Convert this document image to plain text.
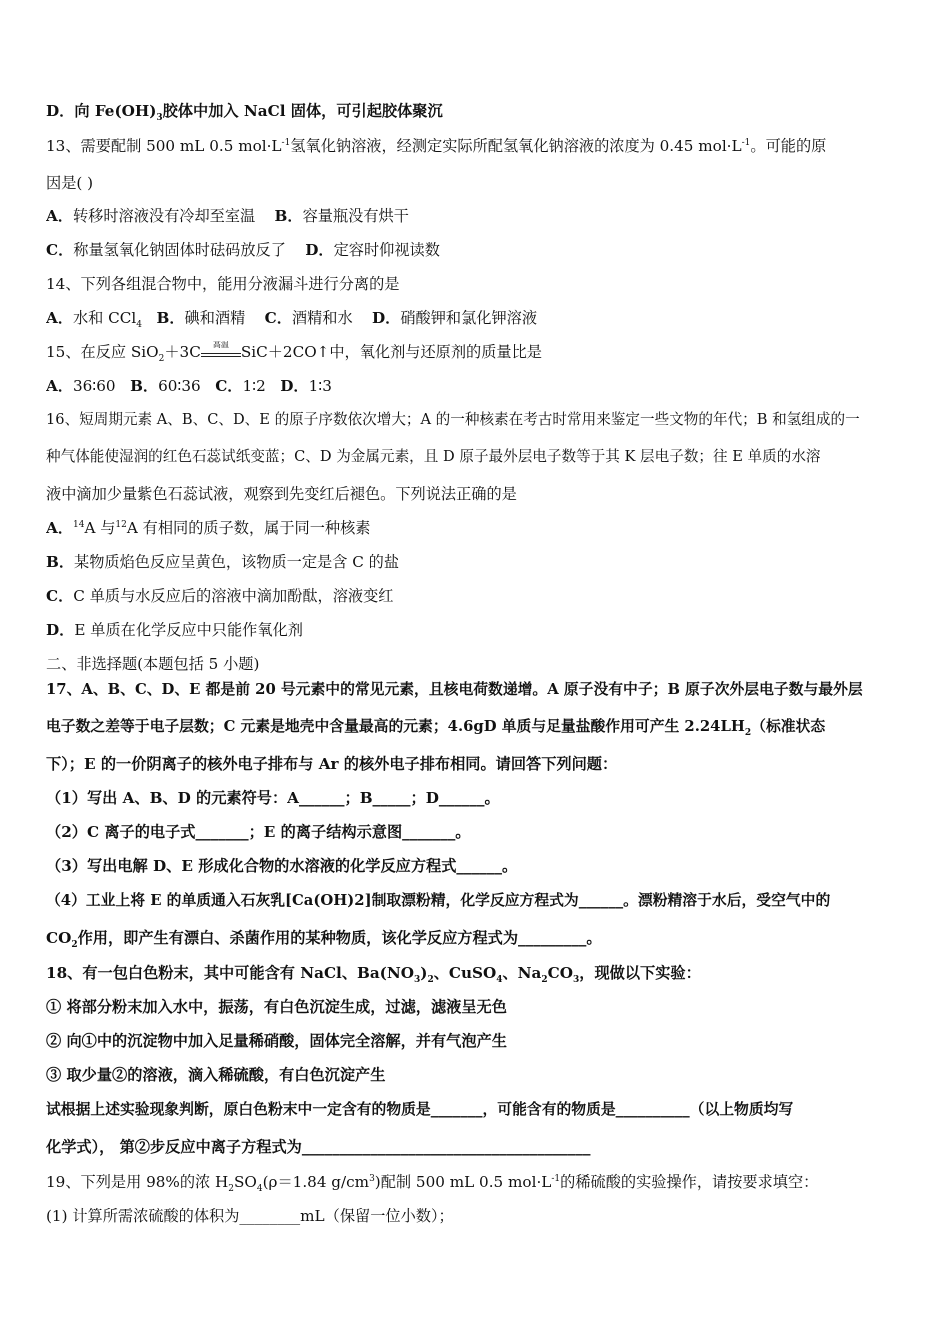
D．向 $Fe(OH)_3$胶体中加入 NaCl 固体，可引起胶体聚沉
13、需要配制 500 mL 0.5 $mol\cdot L^{-1}$氢氧化钠溶液，经测定实际所配氢氧化钠溶液的浓度为 0.45 $mol\cdot L^{-1}$。可能的原
因是( )
A．转移时溶液没有冷却至室温 B．容量瓶没有烘干
C．称量氢氧化钠固体时砝码放反了 D．定容时仰视读数
14、下列各组混合物中，能用分液漏斗进行分离的是
A．水和 CCl$_4$ B．碘和酒精 C．酒精和水 D．硝酸钾和氯化钾溶液
15、在反应 SiO$_2$＋3C	高温 SiC＋2CO↑中，氧化剂与还原剂的质量比是
A．36∶60 B．60∶36 C．1∶2 D．1∶3
16、短周期元素 A、B、C、D、E 的原子序数依次增大；A 的一种核素在考古时常用来鉴定一些文物的年代；B 和氢组成的一
种气体能使湿润的红色石蕊试纸变蓝；C、D 为金属元素，且 D 原子最外层电子数等于其 K 层电子数；往 E 单质的水溶
液中滴加少量紫色石蕊试液，观察到先变红后褪色。下列说法正确的是
A．$^{14}$A 与$^{12}$A 有相同的质子数，属于同一种核素
B．某物质焰色反应呈黄色，该物质一定是含 C 的盐
C．C 单质与水反应后的溶液中滴加酚酞，溶液变红
D．E 单质在化学反应中只能作氧化剂
二、非选择题(本题包括 5 小题)
17、A、B、C、D、E 都是前 20 号元素中的常见元素，且核电荷数递增。A 原子没有中子；B 原子次外层电子数与最外层
电子数之差等于电子层数；C 元素是地壳中含量最高的元素；4.6gD 单质与足量盐酸作用可产生 $2.24LH_2$（标准状态
下）；E 的一价阴离子的核外电子排布与 Ar 的核外电子排布相同。请回答下列问题：
（1）写出 A、B、D 的元素符号：A______；B_____；D______。
（2）C 离子的电子式_______；E 的离子结构示意图_______。
（3）写出电解 D、E 形成化合物的水溶液的化学反应方程式______。
（4）工业上将 E 的单质通入石灰乳[Ca(OH)2]制取漂粉精，化学反应方程式为______。漂粉精溶于水后，受空气中的
$CO_2$作用，即产生有漂白、杀菌作用的某种物质，该化学反应方程式为_________。
18、有一包白色粉末，其中可能含有 NaCl、$Ba(NO_3)_2$、CuSO$_4$、$Na_2CO_3$，现做以下实验：
① 将部分粉末加入水中，振荡，有白色沉淀生成，过滤，滤液呈无色
② 向①中的沉淀物中加入足量稀硝酸，固体完全溶解，并有气泡产生
③ 取少量②的溶液，滴入稀硫酸，有白色沉淀产生
试根据上述实验现象判断，原白色粉末中一定含有的物质是_______，可能含有的物质是__________（以上物质均写
化学式）， 第②步反应中离子方程式为______________________________________
19、下列是用 98%的浓 $H_2SO_4(\rho=1.84$ $g/cm^3$)配制 500 mL 0.5 $mol\cdot L^{-1}$的稀硫酸的实验操作，请按要求填空：
(1) 计算所需浓硫酸的体积为________mL（保留一位小数）；
